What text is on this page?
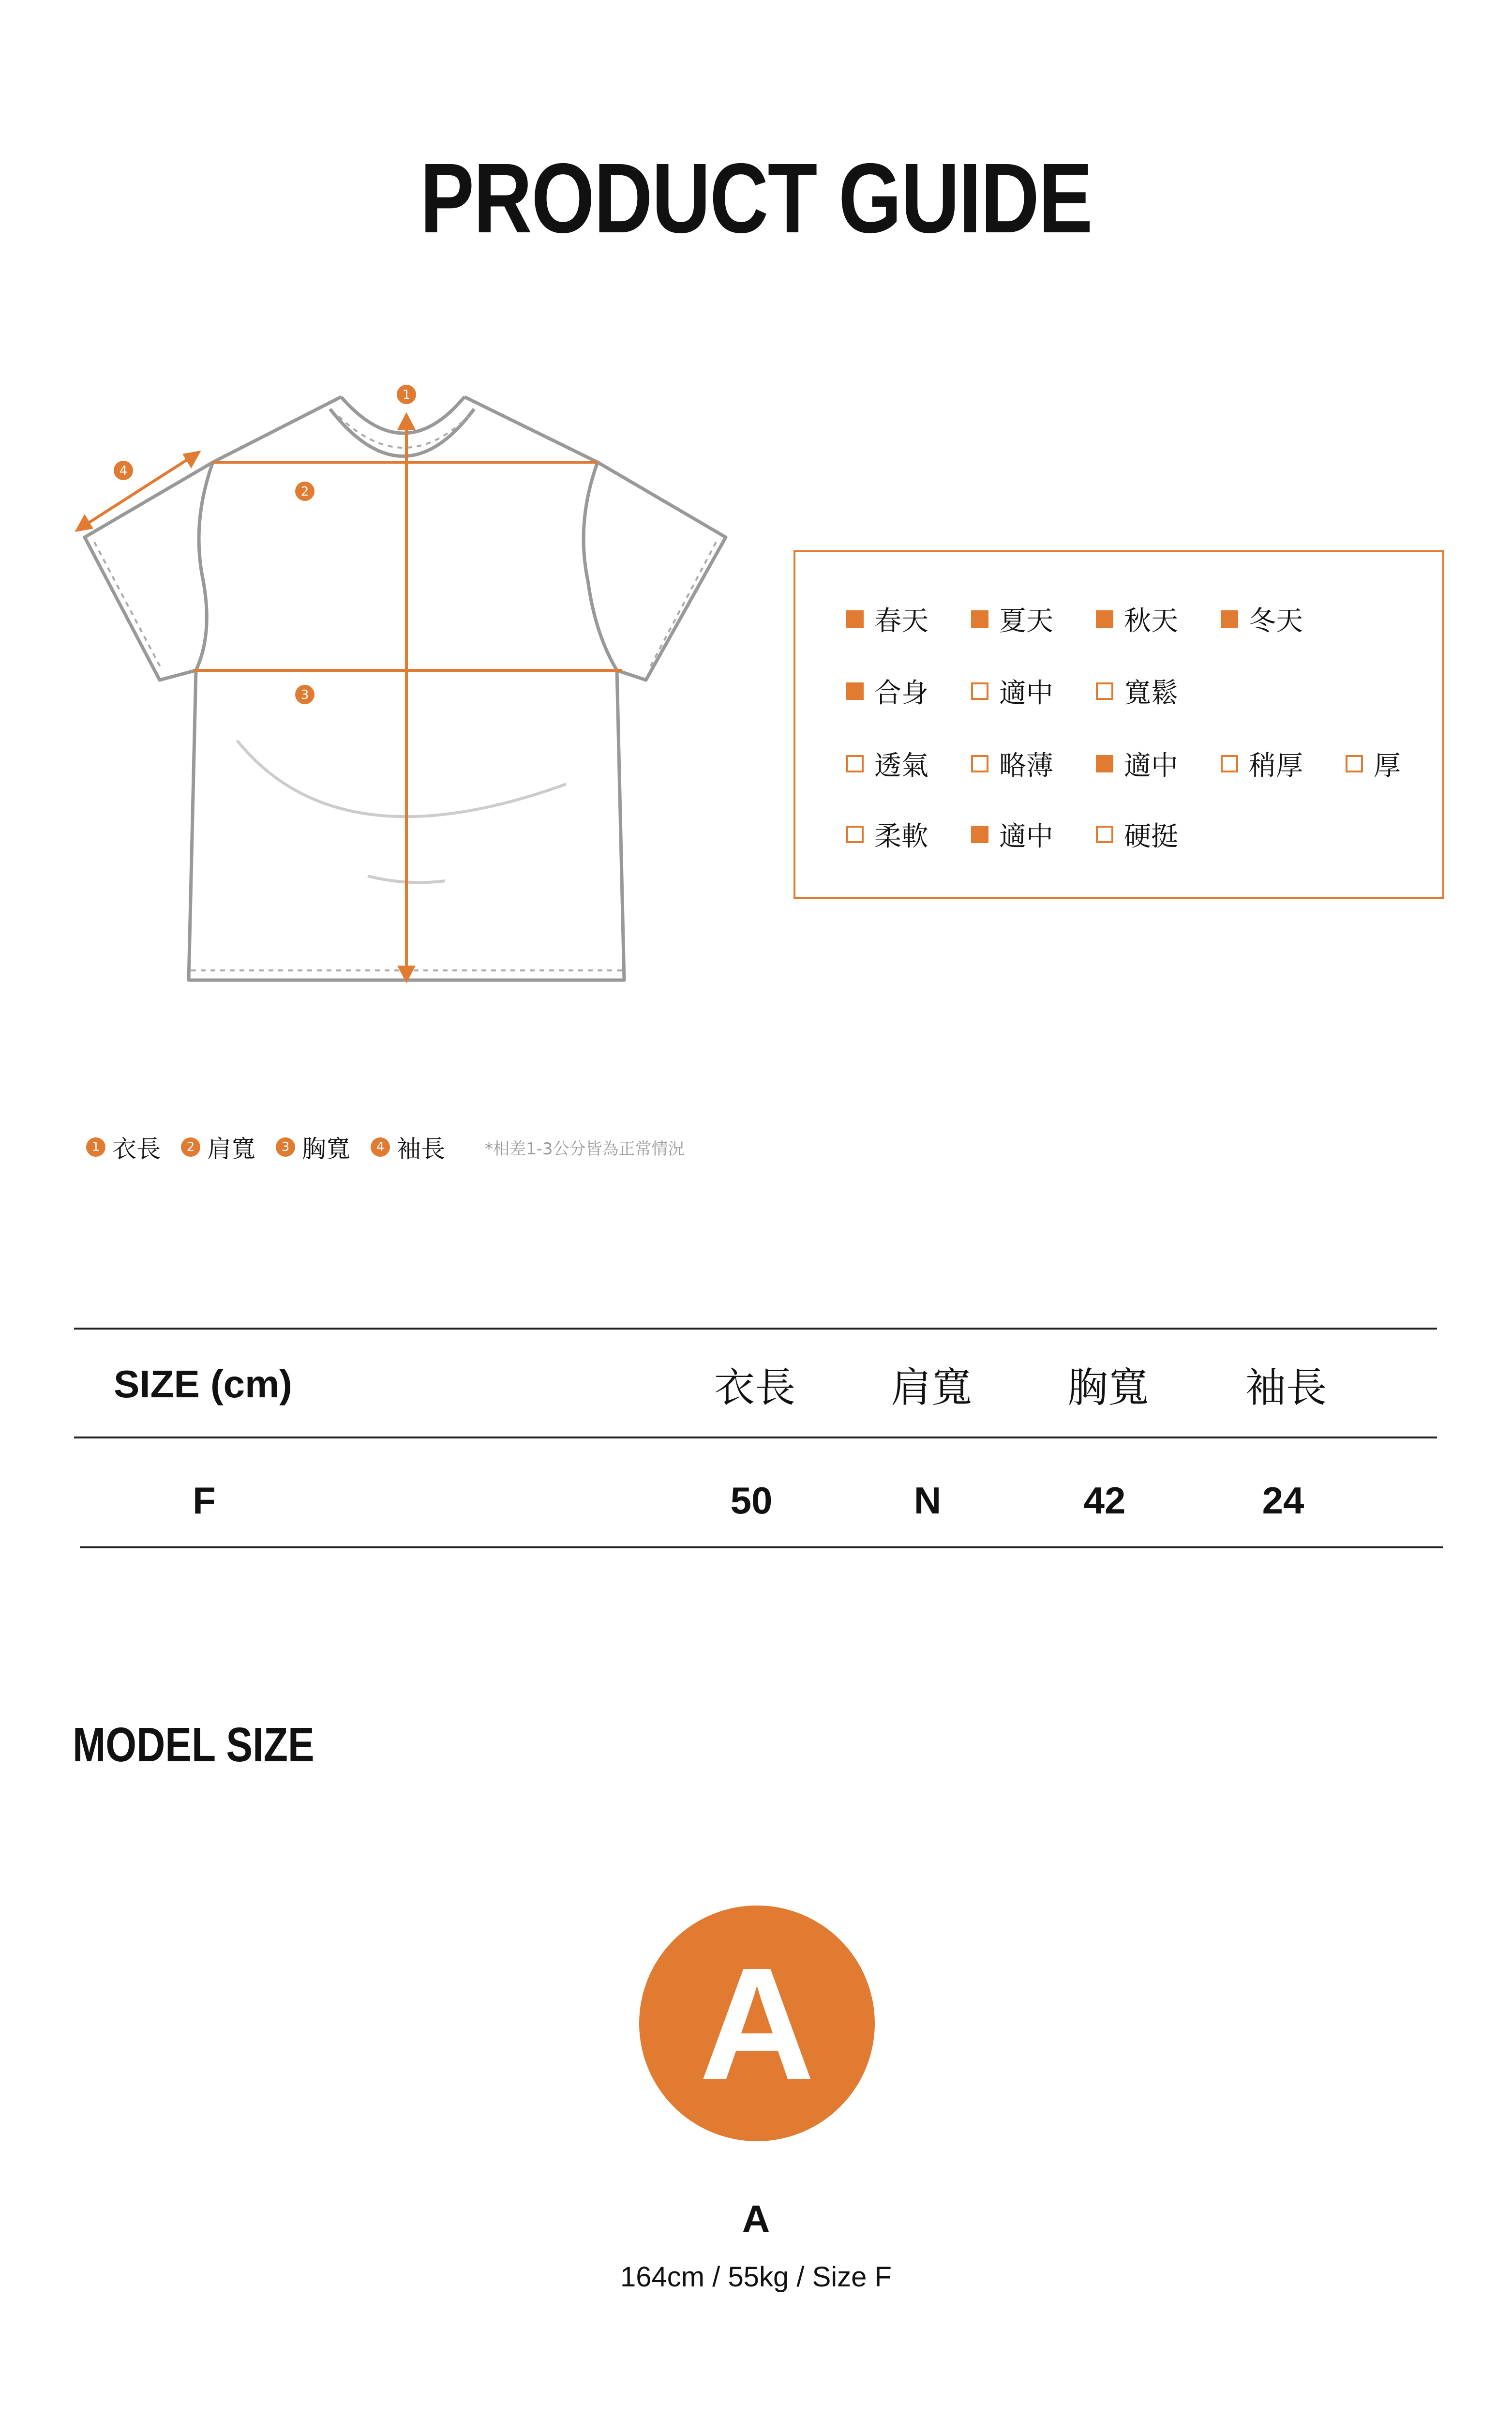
PRODUCT GUIDE
1
2
3
4
春天	夏天	秋天	冬天
合身	適中	寬鬆
透氣	略薄	適中	稍厚	厚
柔軟	適中	硬挺
1 衣長	2 肩寬	3 胸寬	4 袖長 *相差1-3公分皆為正常情況
SIZE (cm)	衣長	肩寬	胸寬	袖長
F	50	N	42	24
MODEL SIZE
A
A
164cm / 55kg / Size F
